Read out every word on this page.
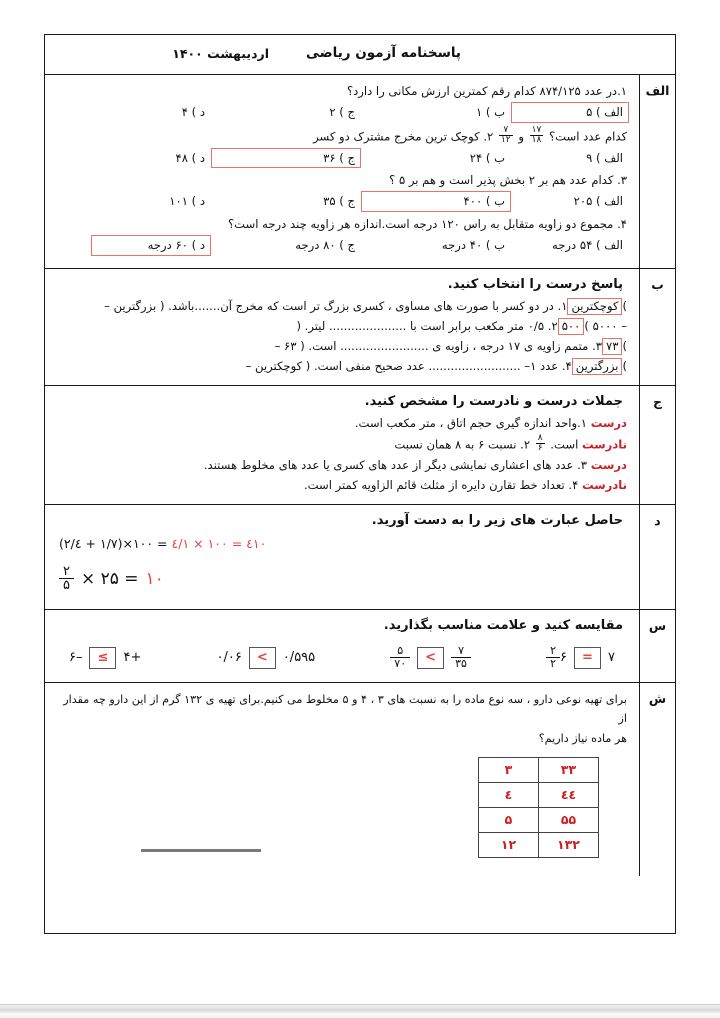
پاسخنامه آزمون ریاضی
اردیبهشت ۱۴۰۰
الف
۱.در عدد ۸۷۴/۱۲۵ کدام رقم کمترین ارزش مکانی را دارد؟
الف ) ۵
ب ) ۱
ج ) ۲
د ) ۴
کدام عدد است؟
$\frac{۱۷}{۱۸}$
و
$\frac{۷}{۱۲}$
۲. کوچک ترین مخرج مشترک دو کسر
الف ) ۹
ب ) ۲۴
ج ) ۳۶
د ) ۴۸
۳. کدام عدد هم بر ۲ بخش پذیر است و هم بر ۵ ؟
الف ) ۲۰۵
ب ) ۴۰۰
ج ) ۳۵
د ) ۱۰۱
۴. مجموع دو زاویه متقابل به راس ۱۲۰ درجه است.اندازه هر زاویه چند درجه است؟
الف ) ۵۴ درجه
ب ) ۴۰ درجه
ج ) ۸۰ درجه
د ) ۶۰ درجه
ب
پاسخ درست را انتخاب کنید.
)کوچکترین۱. در دو کسر با صورت های مساوی ، کسری بزرگ تر است که مخرج آن.......باشد. ( بزرگترین –
– ۵۰۰۰ )۵۰۰۲. ۰/۵ متر مکعب برابر است با ..................... لیتر. (
)۷۳۳. متمم زاویه ی ۱۷ درجه ، زاویه ی ........................ است. ( ۶۳ –
)بزرگترین۴. عدد ۱– ......................... عدد صحیح منفی است. ( کوچکترین –
ج
جملات درست و نادرست را مشخص کنید.
درست ۱.واحد اندازه گیری حجم اتاق ، متر مکعب است.
نادرست است.
$\frac{۸}{۶}$
۲. نسبت ۶ به ۸ همان نسبت
درست ۳. عدد های اعشاری نمایشی دیگر از عدد های کسری یا عدد های مخلوط هستند.
نادرست ۴. تعداد خط تقارن دایره از مثلث قائم الزاویه کمتر است.
د
حاصل عبارت های زیر را به دست آورید.
(۲/٤ + ۱/۷)×۱۰۰ = ٤/۱ × ۱۰۰ = ٤۱۰
$\frac{۲}{۵}$ × ۲۵ = ۱۰
س
مقایسه کنید و علامت مناسب بگذارید.
۶
$\frac{۲}{۲}$	=	۷
$\frac{۵}{۷۰}$	<	$\frac{۷}{۳۵}$
۰/۰۶	<	۰/۵۹۵
۶–	≤	۴+
ش
برای تهیه نوعی دارو ، سه نوع ماده را به نسبت های ۳ ، ۴ و ۵ مخلوط می کنیم.برای تهیه ی ۱۳۲ گرم از این دارو چه مقدار از
هر ماده نیاز داریم؟
۳	۳۳
٤	٤٤
۵	۵۵
۱۲	۱۳۲
